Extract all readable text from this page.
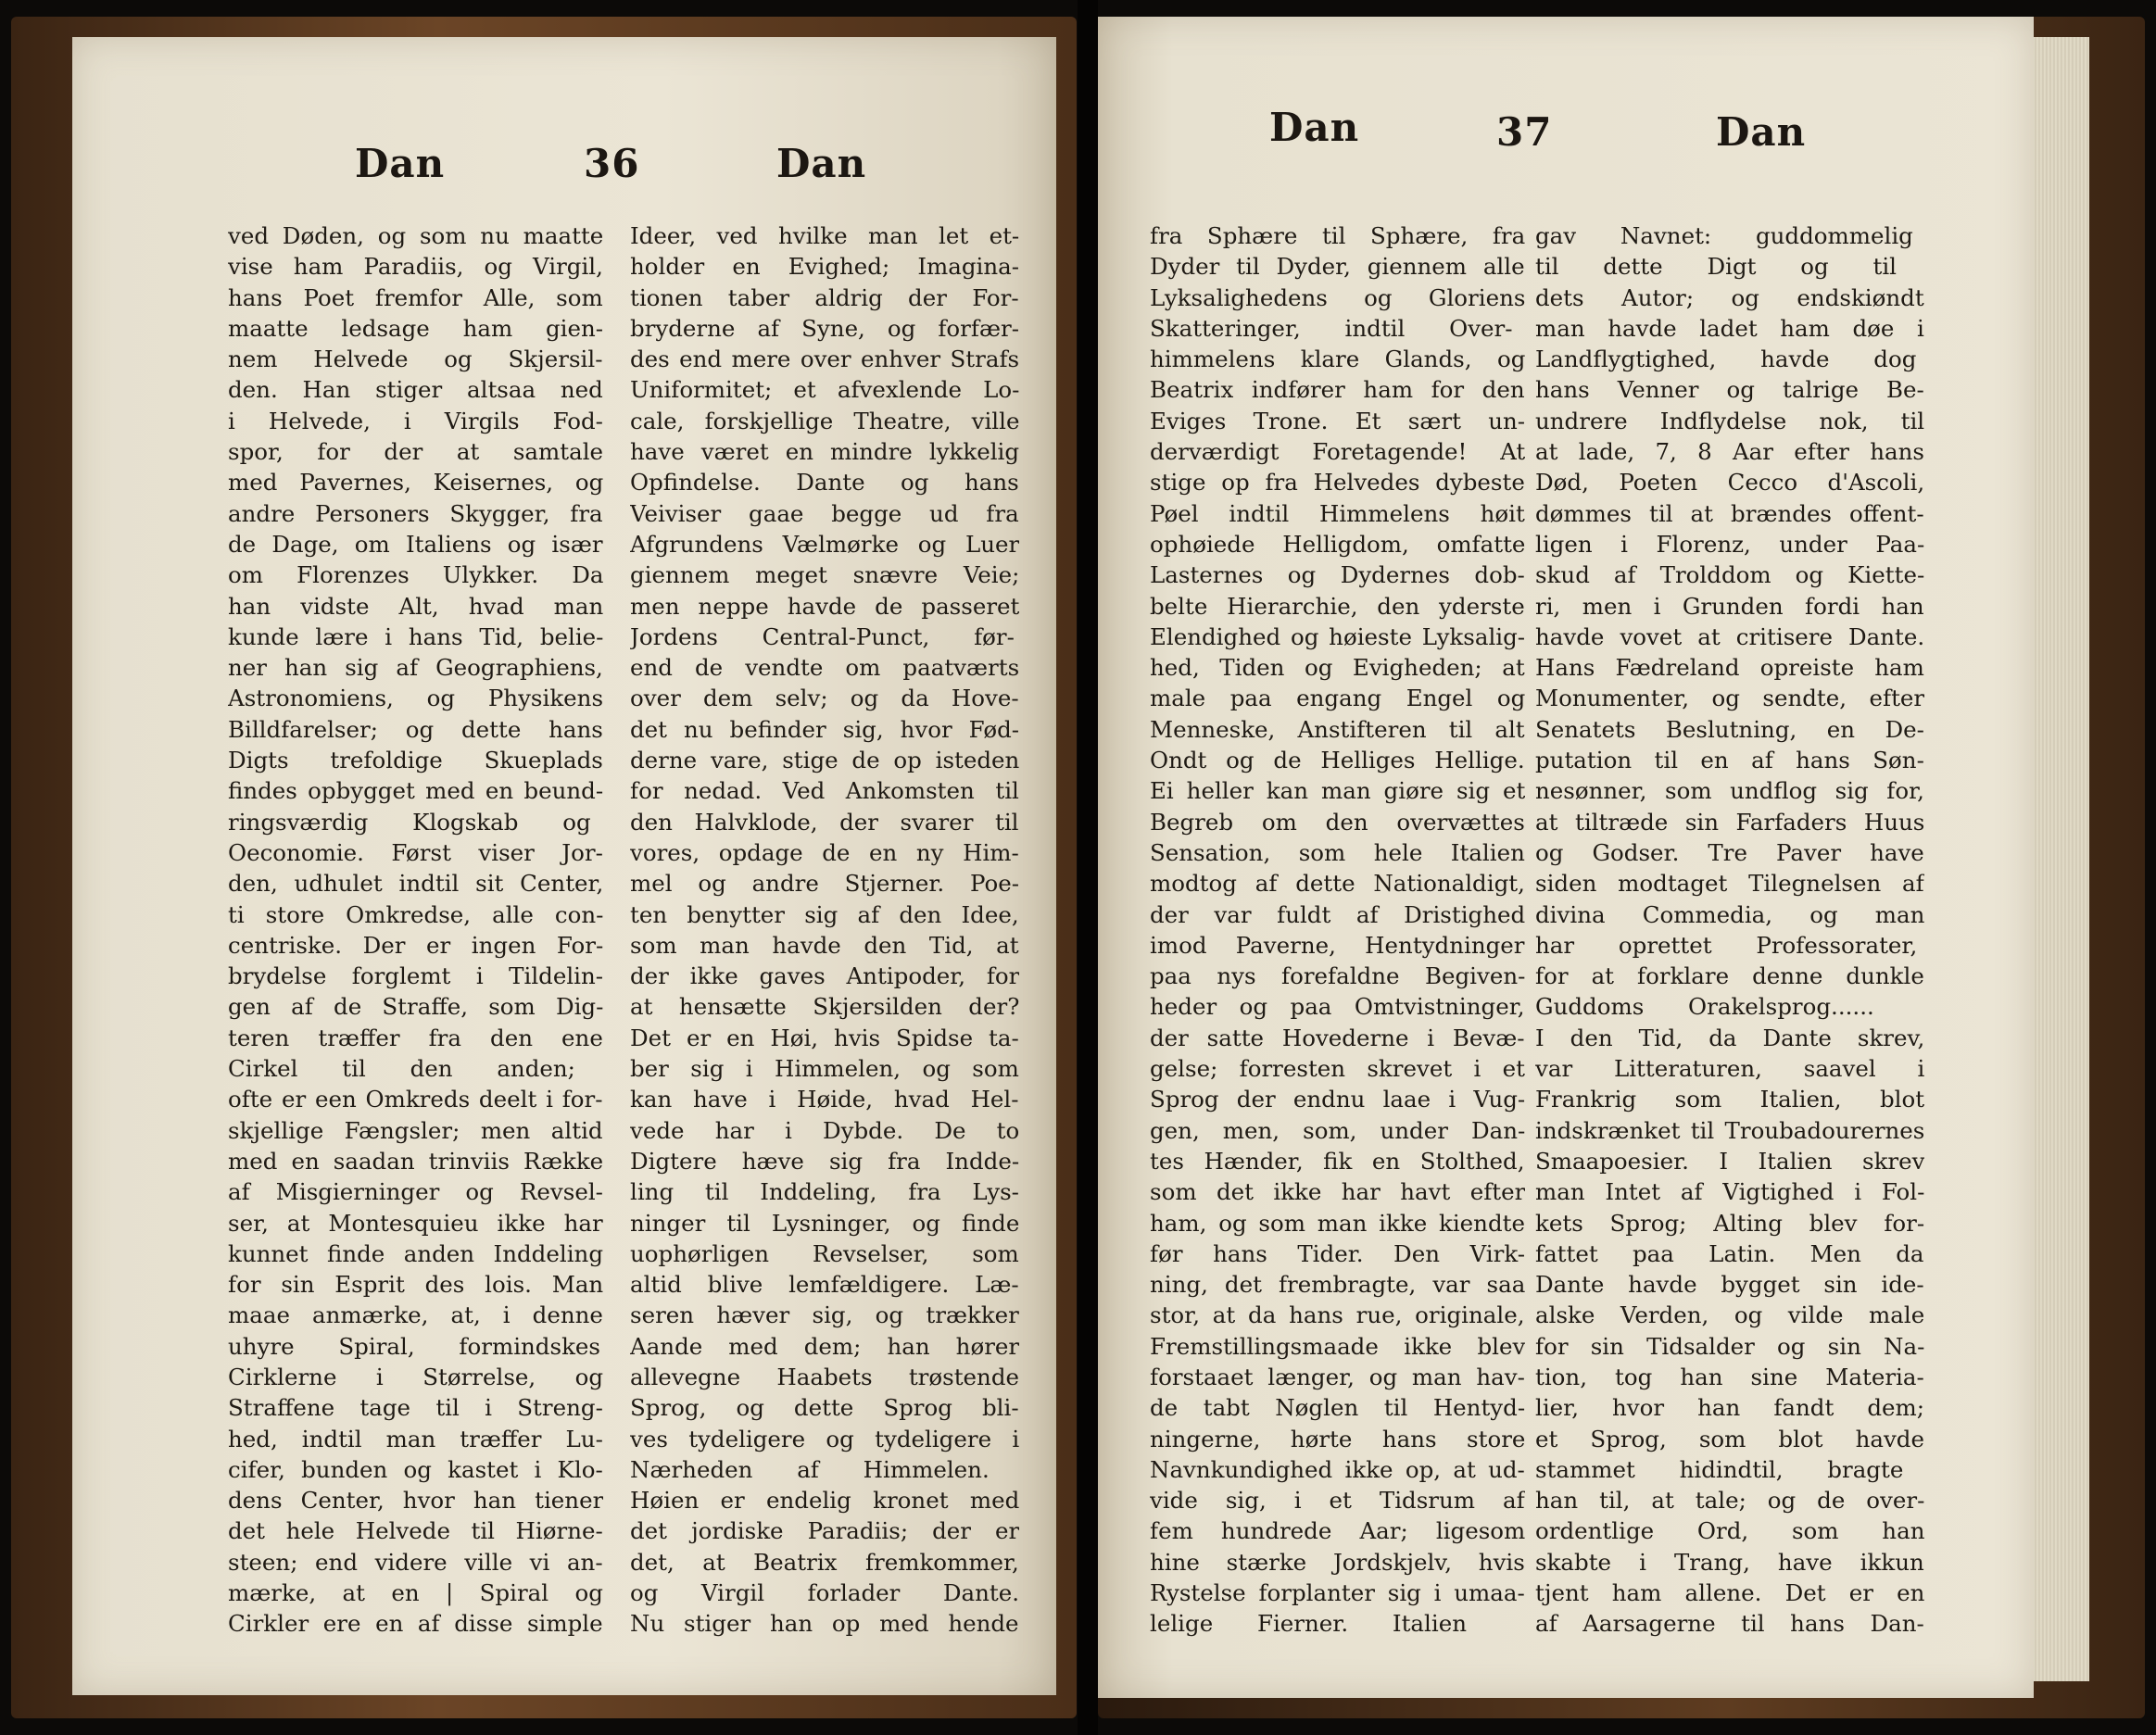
Dan	36	Dan
ved Døden, og som nu maatte
vise ham Paradiis, og Virgil,
hans Poet fremfor Alle, som
maatte ledsage ham gien-
nem Helvede og Skjersil-
den. Han stiger altsaa ned
i Helvede, i Virgils Fod-
spor, for der at samtale
med Pavernes, Keisernes, og
andre Personers Skygger, fra
de Dage, om Italiens og især
om Florenzes Ulykker. Da
han vidste Alt, hvad man
kunde lære i hans Tid, belie-
ner han sig af Geographiens,
Astronomiens, og Physikens
Billdfarelser; og dette hans
Digts trefoldige Skueplads
findes opbygget med en beund-
ringsværdig Klogskab og
Oeconomie. Først viser Jor-
den, udhulet indtil sit Center,
ti store Omkredse, alle con-
centriske. Der er ingen For-
brydelse forglemt i Tildelin-
gen af de Straffe, som Dig-
teren træffer fra den ene
Cirkel til den anden;
ofte er een Omkreds deelt i for-
skjellige Fængsler; men altid
med en saadan trinviis Række
af Misgierninger og Revsel-
ser, at Montesquieu ikke har
kunnet finde anden Inddeling
for sin Esprit des lois. Man
maae anmærke, at, i denne
uhyre Spiral, formindskes
Cirklerne i Størrelse, og
Straffene tage til i Streng-
hed, indtil man træffer Lu-
cifer, bunden og kastet i Klo-
dens Center, hvor han tiener
det hele Helvede til Hiørne-
steen; end videre ville vi an-
mærke, at en | Spiral og
Cirkler ere en af disse simple
Ideer, ved hvilke man let et-
holder en Evighed; Imagina-
tionen taber aldrig der For-
bryderne af Syne, og forfær-
des end mere over enhver Strafs
Uniformitet; et afvexlende Lo-
cale, forskjellige Theatre, ville
have været en mindre lykkelig
Opfindelse. Dante og hans
Veiviser gaae begge ud fra
Afgrundens Vælmørke og Luer
giennem meget snævre Veie;
men neppe havde de passeret
Jordens Central-Punct, før-
end de vendte om paatværts
over dem selv; og da Hove-
det nu befinder sig, hvor Fød-
derne vare, stige de op isteden
for nedad. Ved Ankomsten til
den Halvklode, der svarer til
vores, opdage de en ny Him-
mel og andre Stjerner. Poe-
ten benytter sig af den Idee,
som man havde den Tid, at
der ikke gaves Antipoder, for
at hensætte Skjersilden der?
Det er en Høi, hvis Spidse ta-
ber sig i Himmelen, og som
kan have i Høide, hvad Hel-
vede har i Dybde. De to
Digtere hæve sig fra Indde-
ling til Inddeling, fra Lys-
ninger til Lysninger, og finde
uophørligen Revselser, som
altid blive lemfældigere. Læ-
seren hæver sig, og trækker
Aande med dem; han hører
allevegne Haabets trøstende
Sprog, og dette Sprog bli-
ves tydeligere og tydeligere i
Nærheden af Himmelen.
Høien er endelig kronet med
det jordiske Paradiis; der er
det, at Beatrix fremkommer,
og Virgil forlader Dante.
Nu stiger han op med hende
Dan	37	Dan
fra Sphære til Sphære, fra
Dyder til Dyder, giennem alle
Lyksalighedens og Gloriens
Skatteringer, indtil Over-
himmelens klare Glands, og
Beatrix indfører ham for den
Eviges Trone. Et sært un-
derværdigt Foretagende! At
stige op fra Helvedes dybeste
Pøel indtil Himmelens høit
ophøiede Helligdom, omfatte
Lasternes og Dydernes dob-
belte Hierarchie, den yderste
Elendighed og høieste Lyksalig-
hed, Tiden og Evigheden; at
male paa engang Engel og
Menneske, Anstifteren til alt
Ondt og de Helliges Hellige.
Ei heller kan man giøre sig et
Begreb om den overvættes
Sensation, som hele Italien
modtog af dette Nationaldigt,
der var fuldt af Dristighed
imod Paverne, Hentydninger
paa nys forefaldne Begiven-
heder og paa Omtvistninger,
der satte Hovederne i Bevæ-
gelse; forresten skrevet i et
Sprog der endnu laae i Vug-
gen, men, som, under Dan-
tes Hænder, fik en Stolthed,
som det ikke har havt efter
ham, og som man ikke kiendte
før hans Tider. Den Virk-
ning, det frembragte, var saa
stor, at da hans rue, originale,
Fremstillingsmaade ikke blev
forstaaet længer, og man hav-
de tabt Nøglen til Hentyd-
ningerne, hørte hans store
Navnkundighed ikke op, at ud-
vide sig, i et Tidsrum af
fem hundrede Aar; ligesom
hine stærke Jordskjelv, hvis
Rystelse forplanter sig i umaa-
lelige Fierner. Italien
gav Navnet: guddommelig
til dette Digt og til
dets Autor; og endskiøndt
man havde ladet ham døe i
Landflygtighed, havde dog
hans Venner og talrige Be-
undrere Indflydelse nok, til
at lade, 7, 8 Aar efter hans
Død, Poeten Cecco d'Ascoli,
dømmes til at brændes offent-
ligen i Florenz, under Paa-
skud af Trolddom og Kiette-
ri, men i Grunden fordi han
havde vovet at critisere Dante.
Hans Fædreland opreiste ham
Monumenter, og sendte, efter
Senatets Beslutning, en De-
putation til en af hans Søn-
nesønner, som undflog sig for,
at tiltræde sin Farfaders Huus
og Godser. Tre Paver have
siden modtaget Tilegnelsen af
divina Commedia, og man
har oprettet Professorater,
for at forklare denne dunkle
Guddoms Orakelsprog......
I den Tid, da Dante skrev,
var Litteraturen, saavel i
Frankrig som Italien, blot
indskrænket til Troubadourernes
Smaapoesier. I Italien skrev
man Intet af Vigtighed i Fol-
kets Sprog; Alting blev for-
fattet paa Latin. Men da
Dante havde bygget sin ide-
alske Verden, og vilde male
for sin Tidsalder og sin Na-
tion, tog han sine Materia-
lier, hvor han fandt dem;
et Sprog, som blot havde
stammet hidindtil, bragte
han til, at tale; og de over-
ordentlige Ord, som han
skabte i Trang, have ikkun
tjent ham allene. Det er en
af Aarsagerne til hans Dan-
